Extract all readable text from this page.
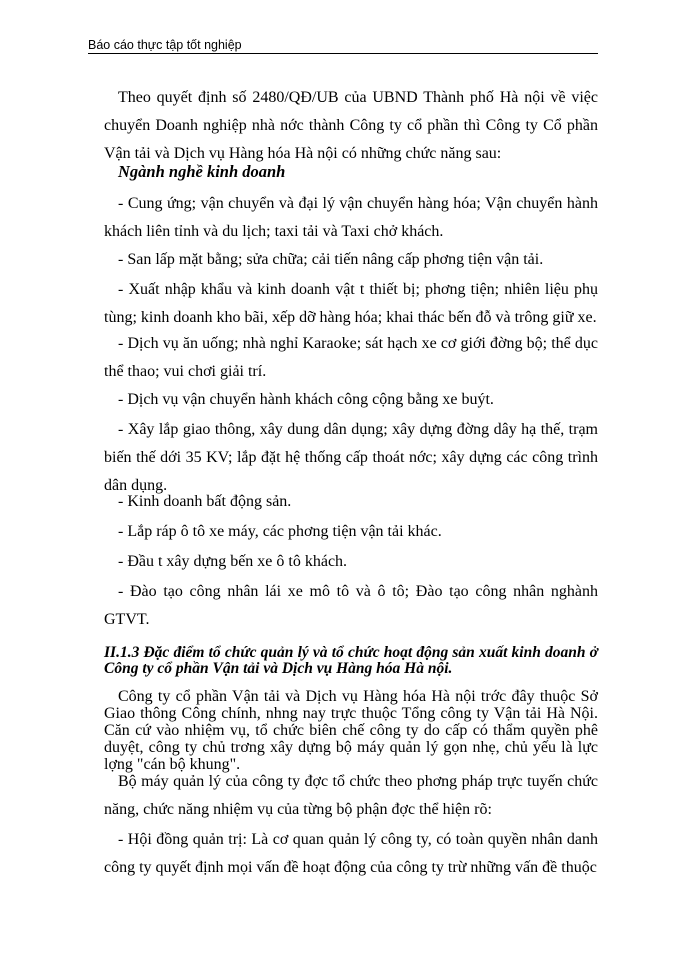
Báo cáo thực tập tốt nghiệp
Theo quyết định số 2480/QĐ/UB của UBND Thành phố Hà nội về việc chuyển Doanh nghiệp nhà nớc thành Công ty cổ phần thì Công ty Cổ phần Vận tải và Dịch vụ Hàng hóa Hà nội có những chức năng sau:
Ngành nghề kinh doanh
- Cung ứng; vận chuyển và đại lý vận chuyển hàng hóa; Vận chuyển hành khách liên tỉnh và du lịch; taxi tải và Taxi chở khách.
- San lấp mặt bằng; sửa chữa; cải tiến nâng cấp phơng tiện vận tải.
- Xuất nhập khẩu và kinh doanh vật t thiết bị; phơng tiện; nhiên liệu phụ tùng; kinh doanh kho bãi, xếp dỡ hàng hóa; khai thác bến đỗ và trông giữ xe.
- Dịch vụ ăn uống; nhà nghỉ Karaoke; sát hạch xe cơ giới đờng bộ; thể dục thể thao; vui chơi giải trí.
- Dịch vụ vận chuyển hành khách công cộng bằng xe buýt.
- Xây lắp giao thông, xây dung dân dụng; xây dựng đờng dây hạ thế, trạm biến thế dới 35 KV; lắp đặt hệ thống cấp thoát nớc; xây dựng các công trình dân dụng.
- Kinh doanh bất động sản.
- Lắp ráp ô tô xe máy, các phơng tiện vận tải khác.
- Đầu t xây dựng bến xe ô tô khách.
- Đào tạo công nhân lái xe mô tô và ô tô; Đào tạo công nhân nghành GTVT.
II.1.3 Đặc điểm tổ chức quản lý và tổ chức hoạt động sản xuất kinh doanh ở Công ty cổ phần Vận tải và Dịch vụ Hàng hóa Hà nội.
Công ty cổ phần Vận tải và Dịch vụ Hàng hóa Hà nội trớc đây thuộc Sở Giao thông Công chính, nhng nay trực thuộc Tổng công ty Vận tải Hà Nội. Căn cứ vào nhiệm vụ, tổ chức biên chế công ty do cấp có thẩm quyền phê duyệt, công ty chủ trơng xây dựng bộ máy quản lý gọn nhẹ, chủ yếu là lực lợng "cán bộ khung".
Bộ máy quản lý của công ty đợc tổ chức theo phơng pháp trực tuyến chức năng, chức năng nhiệm vụ của từng bộ phận đợc thể hiện rõ:
- Hội đồng quản trị: Là cơ quan quản lý công ty, có toàn quyền nhân danh công ty quyết định mọi vấn đề hoạt động của công ty trừ những vấn đề thuộc
